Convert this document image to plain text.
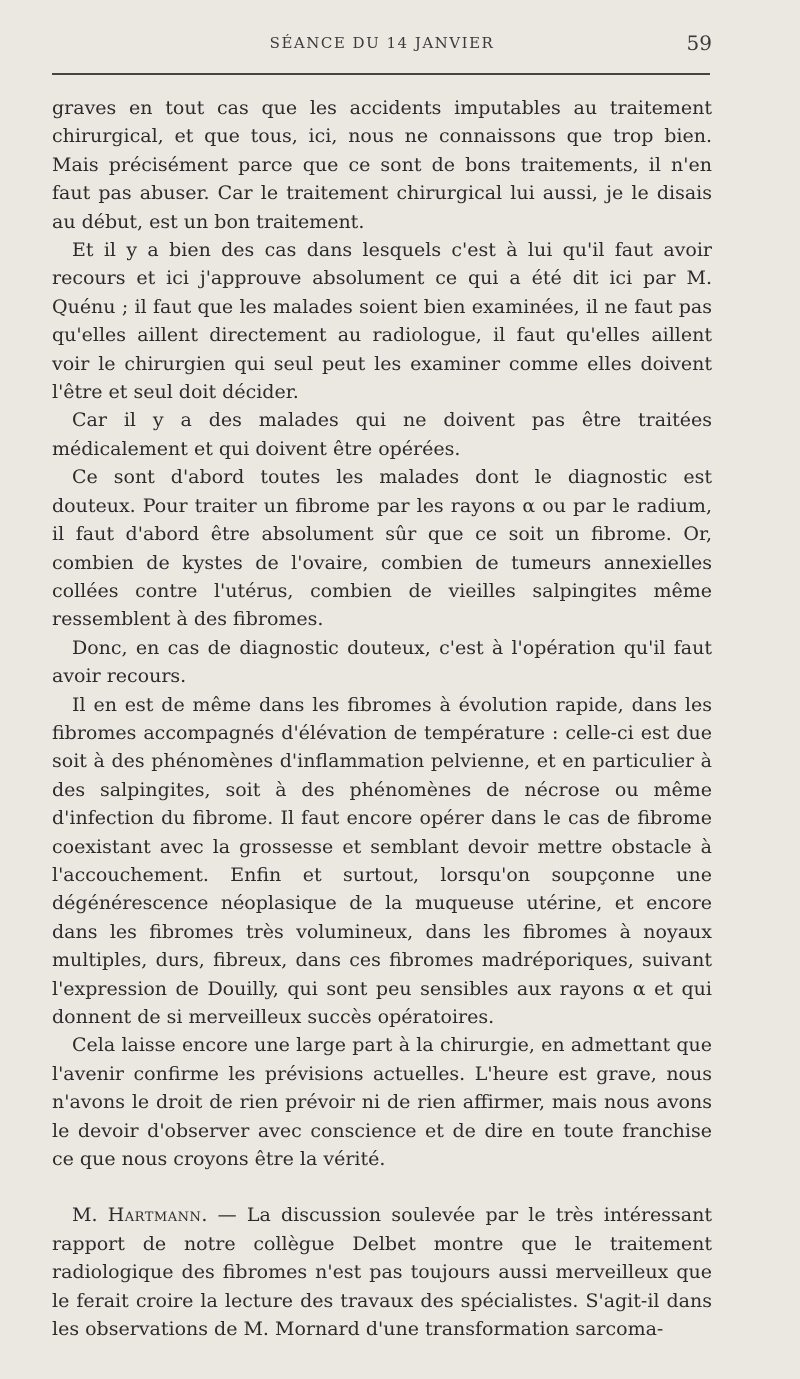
SÉANCE DU 14 JANVIER	59

graves en tout cas que les accidents imputables au traitement chirurgical, et que tous, ici, nous ne connaissons que trop bien. Mais précisément parce que ce sont de bons traitements, il n'en faut pas abuser. Car le traitement chirurgical lui aussi, je le disais au début, est un bon traitement.

Et il y a bien des cas dans lesquels c'est à lui qu'il faut avoir recours et ici j'approuve absolument ce qui a été dit ici par M. Quénu ; il faut que les malades soient bien examinées, il ne faut pas qu'elles aillent directement au radiologue, il faut qu'elles aillent voir le chirurgien qui seul peut les examiner comme elles doivent l'être et seul doit décider.

Car il y a des malades qui ne doivent pas être traitées médicalement et qui doivent être opérées.

Ce sont d'abord toutes les malades dont le diagnostic est douteux. Pour traiter un fibrome par les rayons α ou par le radium, il faut d'abord être absolument sûr que ce soit un fibrome. Or, combien de kystes de l'ovaire, combien de tumeurs annexielles collées contre l'utérus, combien de vieilles salpingites même ressemblent à des fibromes.

Donc, en cas de diagnostic douteux, c'est à l'opération qu'il faut avoir recours.

Il en est de même dans les fibromes à évolution rapide, dans les fibromes accompagnés d'élévation de température : celle-ci est due soit à des phénomènes d'inflammation pelvienne, et en particulier à des salpingites, soit à des phénomènes de nécrose ou même d'infection du fibrome. Il faut encore opérer dans le cas de fibrome coexistant avec la grossesse et semblant devoir mettre obstacle à l'accouchement. Enfin et surtout, lorsqu'on soupçonne une dégénérescence néoplasique de la muqueuse utérine, et encore dans les fibromes très volumineux, dans les fibromes à noyaux multiples, durs, fibreux, dans ces fibromes madréporiques, suivant l'expression de Douilly, qui sont peu sensibles aux rayons α et qui donnent de si merveilleux succès opératoires.

Cela laisse encore une large part à la chirurgie, en admettant que l'avenir confirme les prévisions actuelles. L'heure est grave, nous n'avons le droit de rien prévoir ni de rien affirmer, mais nous avons le devoir d'observer avec conscience et de dire en toute franchise ce que nous croyons être la vérité.

M. Hartmann. — La discussion soulevée par le très intéressant rapport de notre collègue Delbet montre que le traitement radiologique des fibromes n'est pas toujours aussi merveilleux que le ferait croire la lecture des travaux des spécialistes. S'agit-il dans les observations de M. Mornard d'une transformation sarcoma-
